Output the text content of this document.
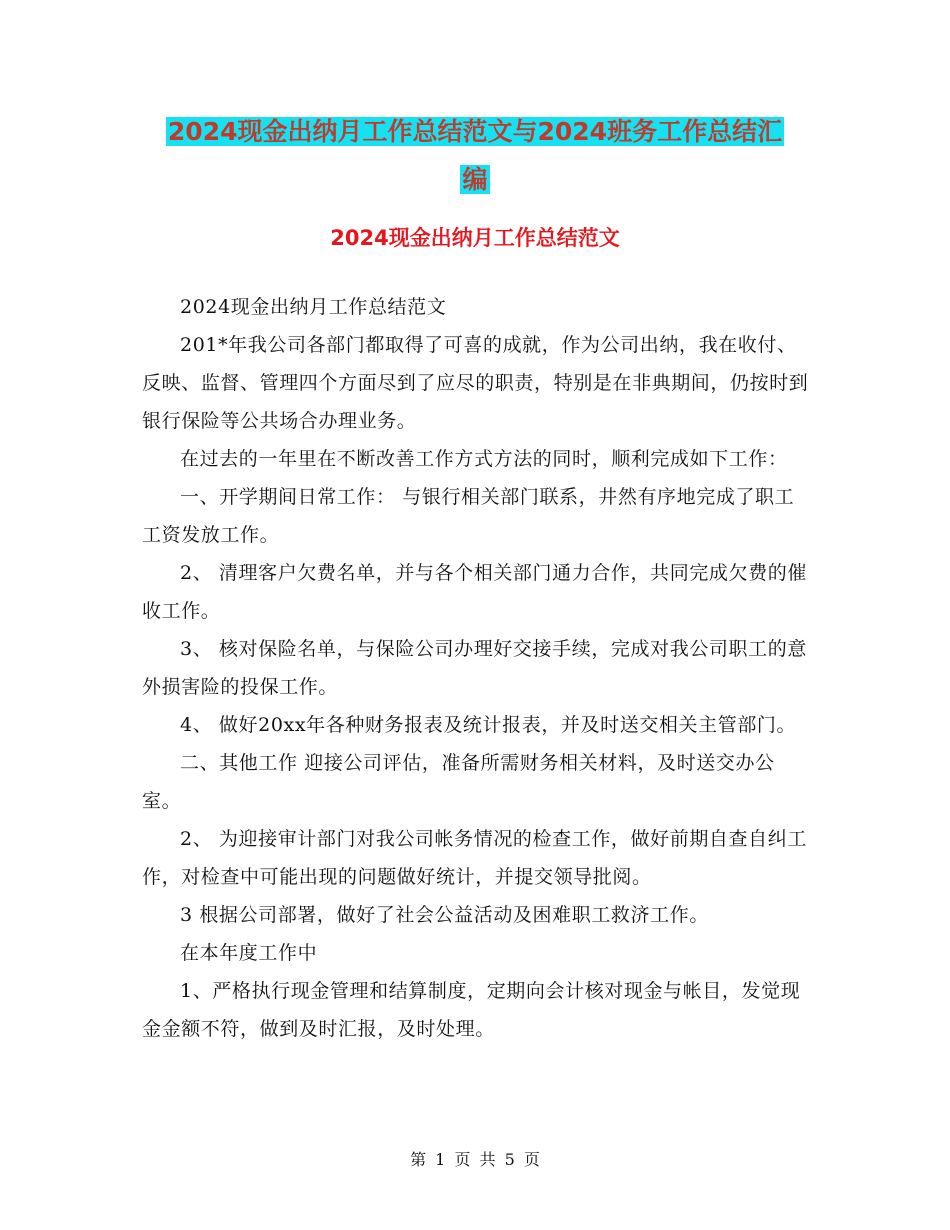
2024现金出纳月工作总结范文与2024班务工作总结汇
编
2024现金出纳月工作总结范文

2024现金出纳月工作总结范文

201*年我公司各部门都取得了可喜的成就，作为公司出纳，我在收付、反映、监督、管理四个方面尽到了应尽的职责，特别是在非典期间，仍按时到银行保险等公共场合办理业务。

在过去的一年里在不断改善工作方式方法的同时，顺利完成如下工作：

一、开学期间日常工作： 与银行相关部门联系，井然有序地完成了职工工资发放工作。

2、 清理客户欠费名单，并与各个相关部门通力合作，共同完成欠费的催收工作。

3、 核对保险名单，与保险公司办理好交接手续，完成对我公司职工的意外损害险的投保工作。

4、 做好20xx年各种财务报表及统计报表，并及时送交相关主管部门。

二、其他工作 迎接公司评估，准备所需财务相关材料，及时送交办公室。

2、 为迎接审计部门对我公司帐务情况的检查工作，做好前期自查自纠工作，对检查中可能出现的问题做好统计，并提交领导批阅。

3 根据公司部署，做好了社会公益活动及困难职工救济工作。

在本年度工作中

1、严格执行现金管理和结算制度，定期向会计核对现金与帐目，发觉现金金额不符，做到及时汇报，及时处理。

第 1 页 共 5 页
